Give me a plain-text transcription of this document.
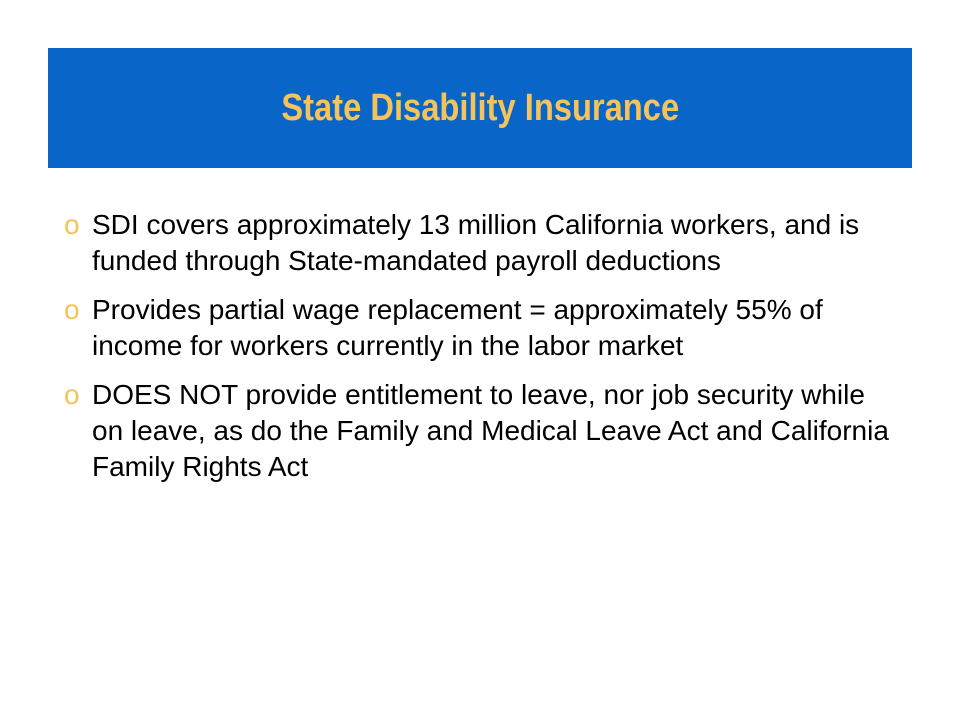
State Disability Insurance
o SDI covers approximately 13 million California workers, and is funded through State-mandated payroll deductions
o Provides partial wage replacement = approximately 55% of income for workers currently in the labor market
o DOES NOT provide entitlement to leave, nor job security while on leave, as do the Family and Medical Leave Act and California Family Rights Act
